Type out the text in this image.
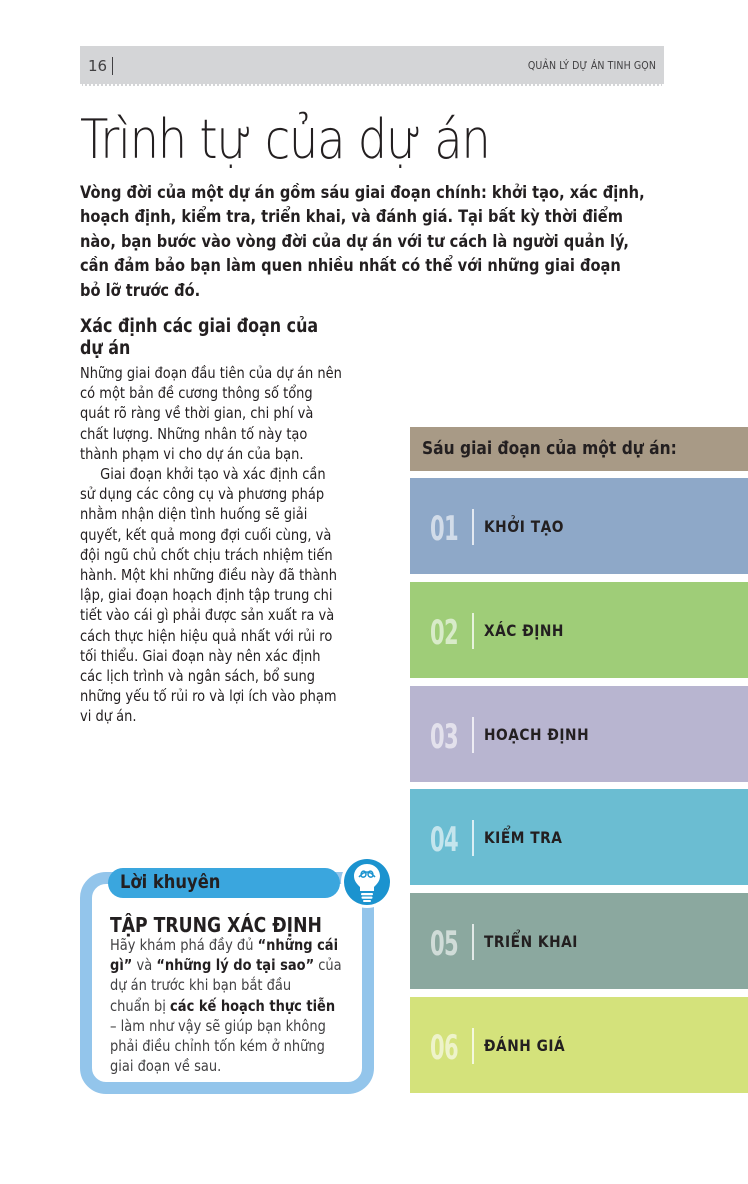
16	QUẢN LÝ DỰ ÁN TINH GỌN
Trình tự của dự án
Vòng đời của một dự án gồm sáu giai đoạn chính: khởi tạo, xác định,
hoạch định, kiểm tra, triển khai, và đánh giá. Tại bất kỳ thời điểm
nào, bạn bước vào vòng đời của dự án với tư cách là người quản lý,
cần đảm bảo bạn làm quen nhiều nhất có thể với những giai đoạn
bỏ lỡ trước đó.
Xác định các giai đoạn của
dự án
Những giai đoạn đầu tiên của dự án nên
có một bản đề cương thông số tổng
quát rõ ràng về thời gian, chi phí và
chất lượng. Những nhân tố này tạo
thành phạm vi cho dự án của bạn.
Giai đoạn khởi tạo và xác định cần
sử dụng các công cụ và phương pháp
nhằm nhận diện tình huống sẽ giải
quyết, kết quả mong đợi cuối cùng, và
đội ngũ chủ chốt chịu trách nhiệm tiến
hành. Một khi những điều này đã thành
lập, giai đoạn hoạch định tập trung chi
tiết vào cái gì phải được sản xuất ra và
cách thực hiện hiệu quả nhất với rủi ro
tối thiểu. Giai đoạn này nên xác định
các lịch trình và ngân sách, bổ sung
những yếu tố rủi ro và lợi ích vào phạm
vi dự án.
Sáu giai đoạn của một dự án:
01 KHỞI TẠO
02 XÁC ĐỊNH
03 HOẠCH ĐỊNH
04 KIỂM TRA
05 TRIỂN KHAI
06 ĐÁNH GIÁ
Lời khuyên
TẬP TRUNG XÁC ĐỊNH
Hãy khám phá đầy đủ “những cái
gì” và “những lý do tại sao” của
dự án trước khi bạn bắt đầu
chuẩn bị các kế hoạch thực tiễn
– làm như vậy sẽ giúp bạn không
phải điều chỉnh tốn kém ở những
giai đoạn về sau.
